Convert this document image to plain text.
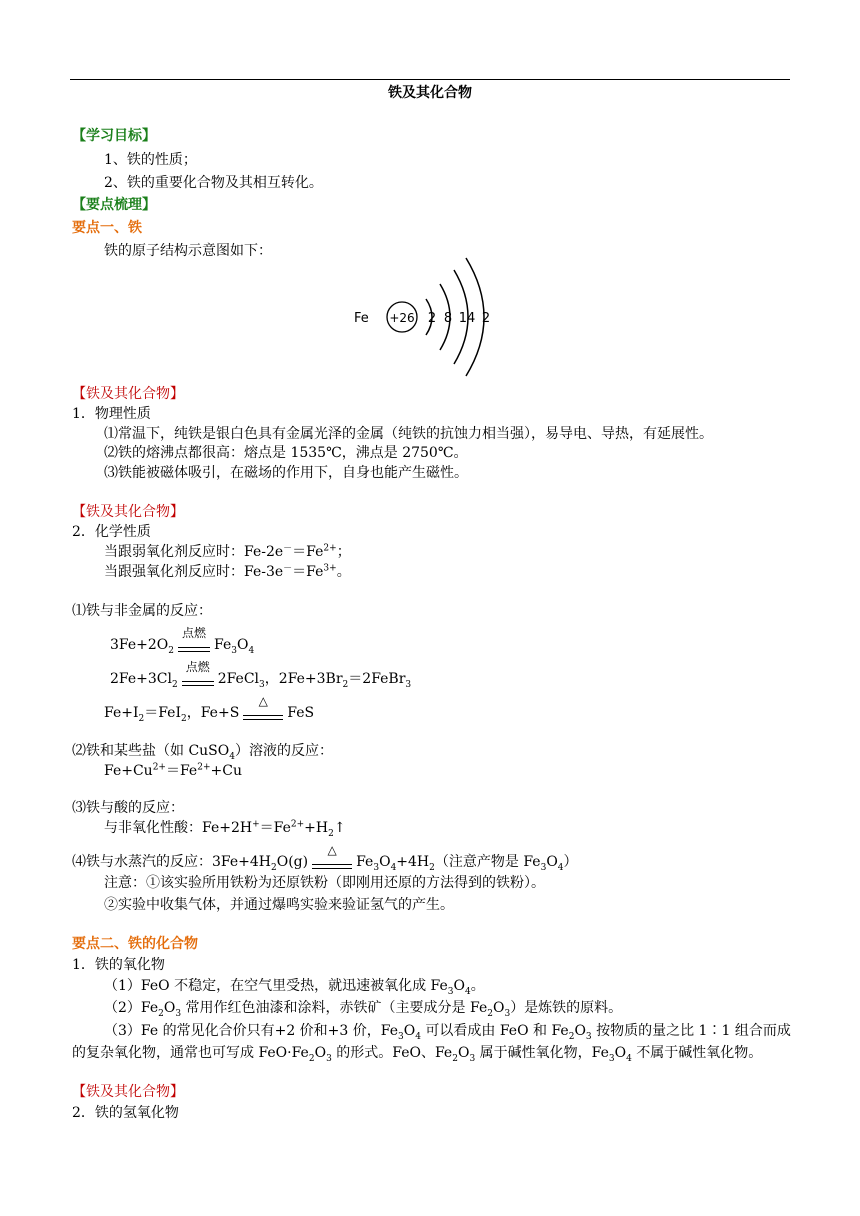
铁及其化合物
【学习目标】
1、铁的性质；
2、铁的重要化合物及其相互转化。
【要点梳理】
要点一、铁
铁的原子结构示意图如下：
Fe +26 2 8 14 2
【铁及其化合物】
1．物理性质
⑴常温下，纯铁是银白色具有金属光泽的金属（纯铁的抗蚀力相当强），易导电、导热，有延展性。
⑵铁的熔沸点都很高：熔点是 1535℃，沸点是 2750℃。
⑶铁能被磁体吸引，在磁场的作用下，自身也能产生磁性。
【铁及其化合物】
2．化学性质
当跟弱氧化剂反应时：$Fe-2e^-=Fe^{2+}$；
当跟强氧化剂反应时：$Fe-3e^-=Fe^{3+}$。
⑴铁与非金属的反应：
$3Fe+2O_2$
点燃
$Fe_3O_4$
$2Fe+3Cl_2$
点燃
2FeCl$_3$，$2Fe+3Br_2=2FeBr_3$
$Fe+I_2=FeI_2$，Fe+S
△
FeS
⑵铁和某些盐（如 CuSO$_4$）溶液的反应：
$Fe+Cu^{2+}=Fe^{2+}+Cu$
⑶铁与酸的反应：
与非氧化性酸：$Fe+2H^+=Fe^{2+}+H_2↑$
⑷铁与水蒸汽的反应：$3Fe+4H_2O(g)$
△
$Fe_3O_4+4H_2$（注意产物是 $Fe_3O_4$）
注意：①该实验所用铁粉为还原铁粉（即刚用还原的方法得到的铁粉）。
②实验中收集气体，并通过爆鸣实验来验证氢气的产生。
要点二、铁的化合物
1．铁的氧化物
（1）FeO 不稳定，在空气里受热，就迅速被氧化成 $Fe_3O_4$。
$(2)Fe_2O_3$ 常用作红色油漆和涂料，赤铁矿（主要成分是 $Fe_2O_3$）是炼铁的原料。
（3）Fe 的常见化合价只有+2 价和+3 价，$Fe_3O_4$ 可以看成由 FeO 和 $Fe_2O_3$ 按物质的量之比 1∶1 组合而成
的复杂氧化物，通常也可写成 $FeO\cdot Fe_2O_3$ 的形式。FeO、$Fe_2O_3$ 属于碱性氧化物，$Fe_3O_4$ 不属于碱性氧化物。
【铁及其化合物】
2．铁的氢氧化物
